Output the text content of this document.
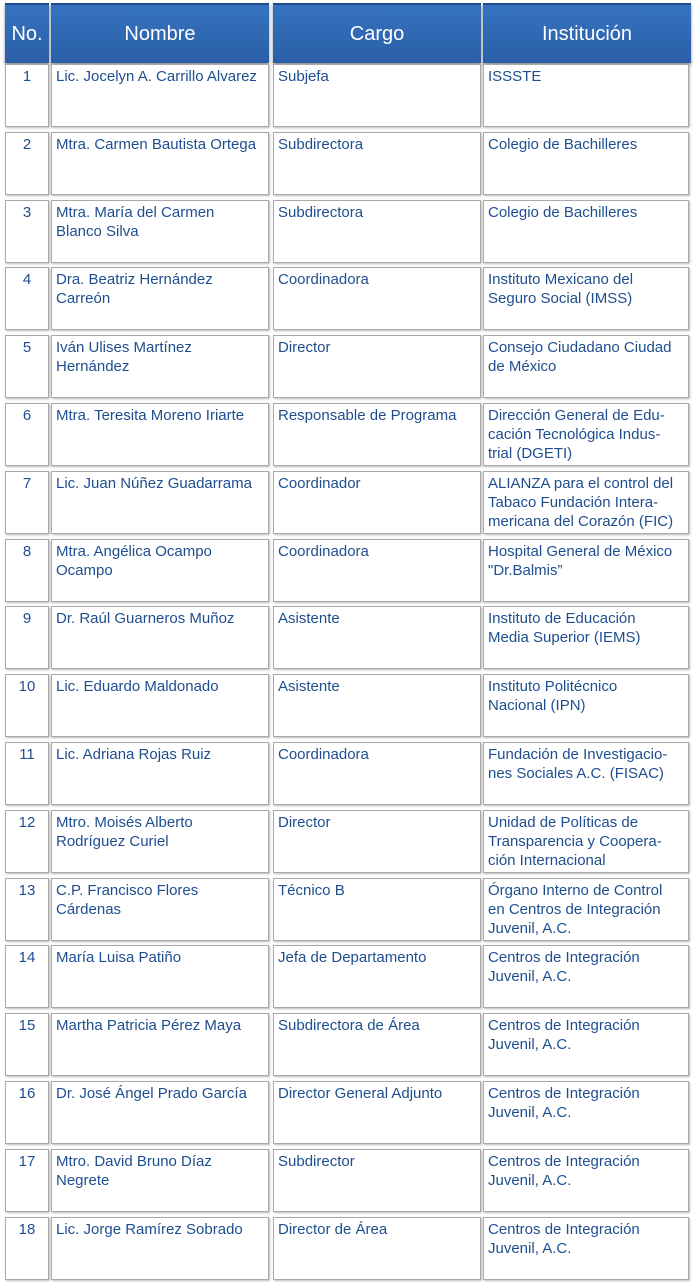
No.	Nombre	Cargo	Institución
1	Lic. Jocelyn A. Carrillo Alvarez	Subjefa	ISSSTE
2	Mtra. Carmen Bautista Ortega	Subdirectora	Colegio de Bachilleres
3	Mtra. María del Carmen
Blanco Silva
Subdirectora	Colegio de Bachilleres
4	Dra. Beatriz Hernández
Carreón
Coordinadora	Instituto Mexicano del
Seguro Social (IMSS)
5	Iván Ulises Martínez
Hernández
Director	Consejo Ciudadano Ciudad
de México
6	Mtra. Teresita Moreno Iriarte	Responsable de Programa	Dirección General de Edu-
cación Tecnológica Indus-
trial (DGETI)
7	Lic. Juan Núñez Guadarrama	Coordinador	ALIANZA para el control del
Tabaco Fundación Intera-
mericana del Corazón (FIC)
8	Mtra. Angélica Ocampo
Ocampo
Coordinadora	Hospital General de México
"Dr.Balmis”
9	Dr. Raúl Guarneros Muñoz	Asistente	Instituto de Educación
Media Superior (IEMS)
10	Lic. Eduardo Maldonado	Asistente	Instituto Politécnico
Nacional (IPN)
11	Lic. Adriana Rojas Ruiz	Coordinadora	Fundación de Investigacio-
nes Sociales A.C. (FISAC)
12	Mtro. Moisés Alberto
Rodríguez Curiel
Director	Unidad de Políticas de
Transparencia y Coopera-
ción Internacional
13	C.P. Francisco Flores
Cárdenas
Técnico B	Órgano Interno de Control
en Centros de Integración
Juvenil, A.C.
14	María Luisa Patiño	Jefa de Departamento	Centros de Integración
Juvenil, A.C.
15	Martha Patricia Pérez Maya	Subdirectora de Área	Centros de Integración
Juvenil, A.C.
16	Dr. José Ángel Prado García	Director General Adjunto	Centros de Integración
Juvenil, A.C.
17	Mtro. David Bruno Díaz
Negrete
Subdirector	Centros de Integración
Juvenil, A.C.
18	Lic. Jorge Ramírez Sobrado	Director de Área	Centros de Integración
Juvenil, A.C.
